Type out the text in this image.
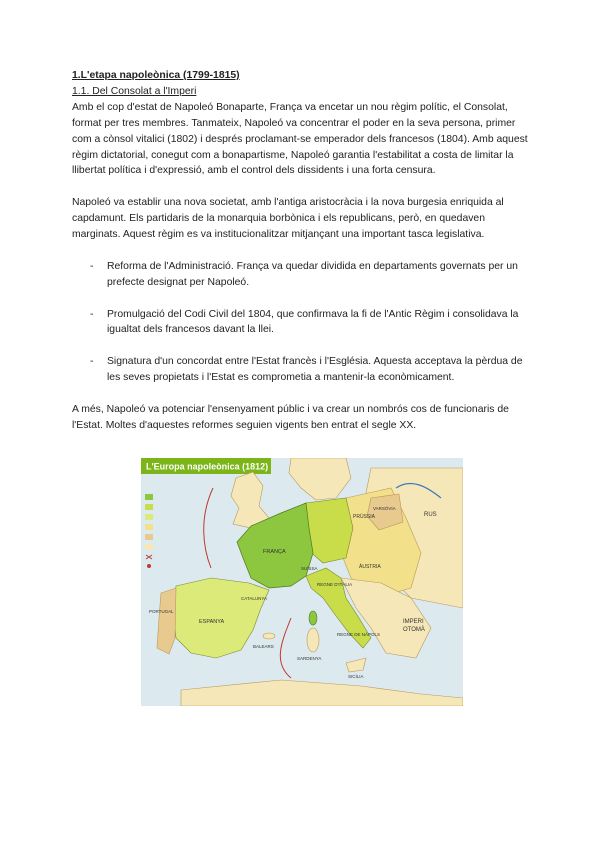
1.L'etapa napoleònica (1799-1815)

1.1. Del Consolat a l'Imperi

Amb el cop d'estat de Napoleó Bonaparte, França va encetar un nou règim polític, el Consolat, format per tres membres. Tanmateix, Napoleó va concentrar el poder en la seva persona, primer com a cònsol vitalici (1802) i després proclamant-se emperador dels francesos (1804). Amb aquest règim dictatorial, conegut com a bonapartisme, Napoleó garantia l'estabilitat a costa de limitar la llibertat política i d'expressió, amb el control dels dissidents i una forta censura.

Napoleó va establir una nova societat, amb l'antiga aristocràcia i la nova burgesia enriquida al capdamunt. Els partidaris de la monarquia borbònica i els republicans, però, en quedaven marginats. Aquest règim es va institucionalitzar mitjançant una important tasca legislativa.

- Reforma de l'Administració. França va quedar dividida en departaments governats per un prefecte designat per Napoleó.
- Promulgació del Codi Civil del 1804, que confirmava la fi de l'Antic Règim i consolidava la igualtat dels francesos davant la llei.
- Signatura d'un concordat entre l'Estat francès i l'Església. Aquesta acceptava la pèrdua de les seves propietats i l'Estat es comprometia a mantenir-la econòmicament.

A més, Napoleó va potenciar l'ensenyament públic i va crear un nombrós cos de funcionaris de l'Estat. Moltes d'aquestes reformes seguien vigents ben entrat el segle XX.

L'Europa napoleònica (1812)
RUS
IMPERI
OTOMÀ
FRANÇA
ESPANYA
PORTUGAL
ÀUSTRIA
PRÚSSIA
REGNE D'ITÀLIA
REGNE DE NÀPOLS
SARDENYA
BALEARS
CATALUNYA
SUÏSSA
SICÍLIA
VARSÒVIA
